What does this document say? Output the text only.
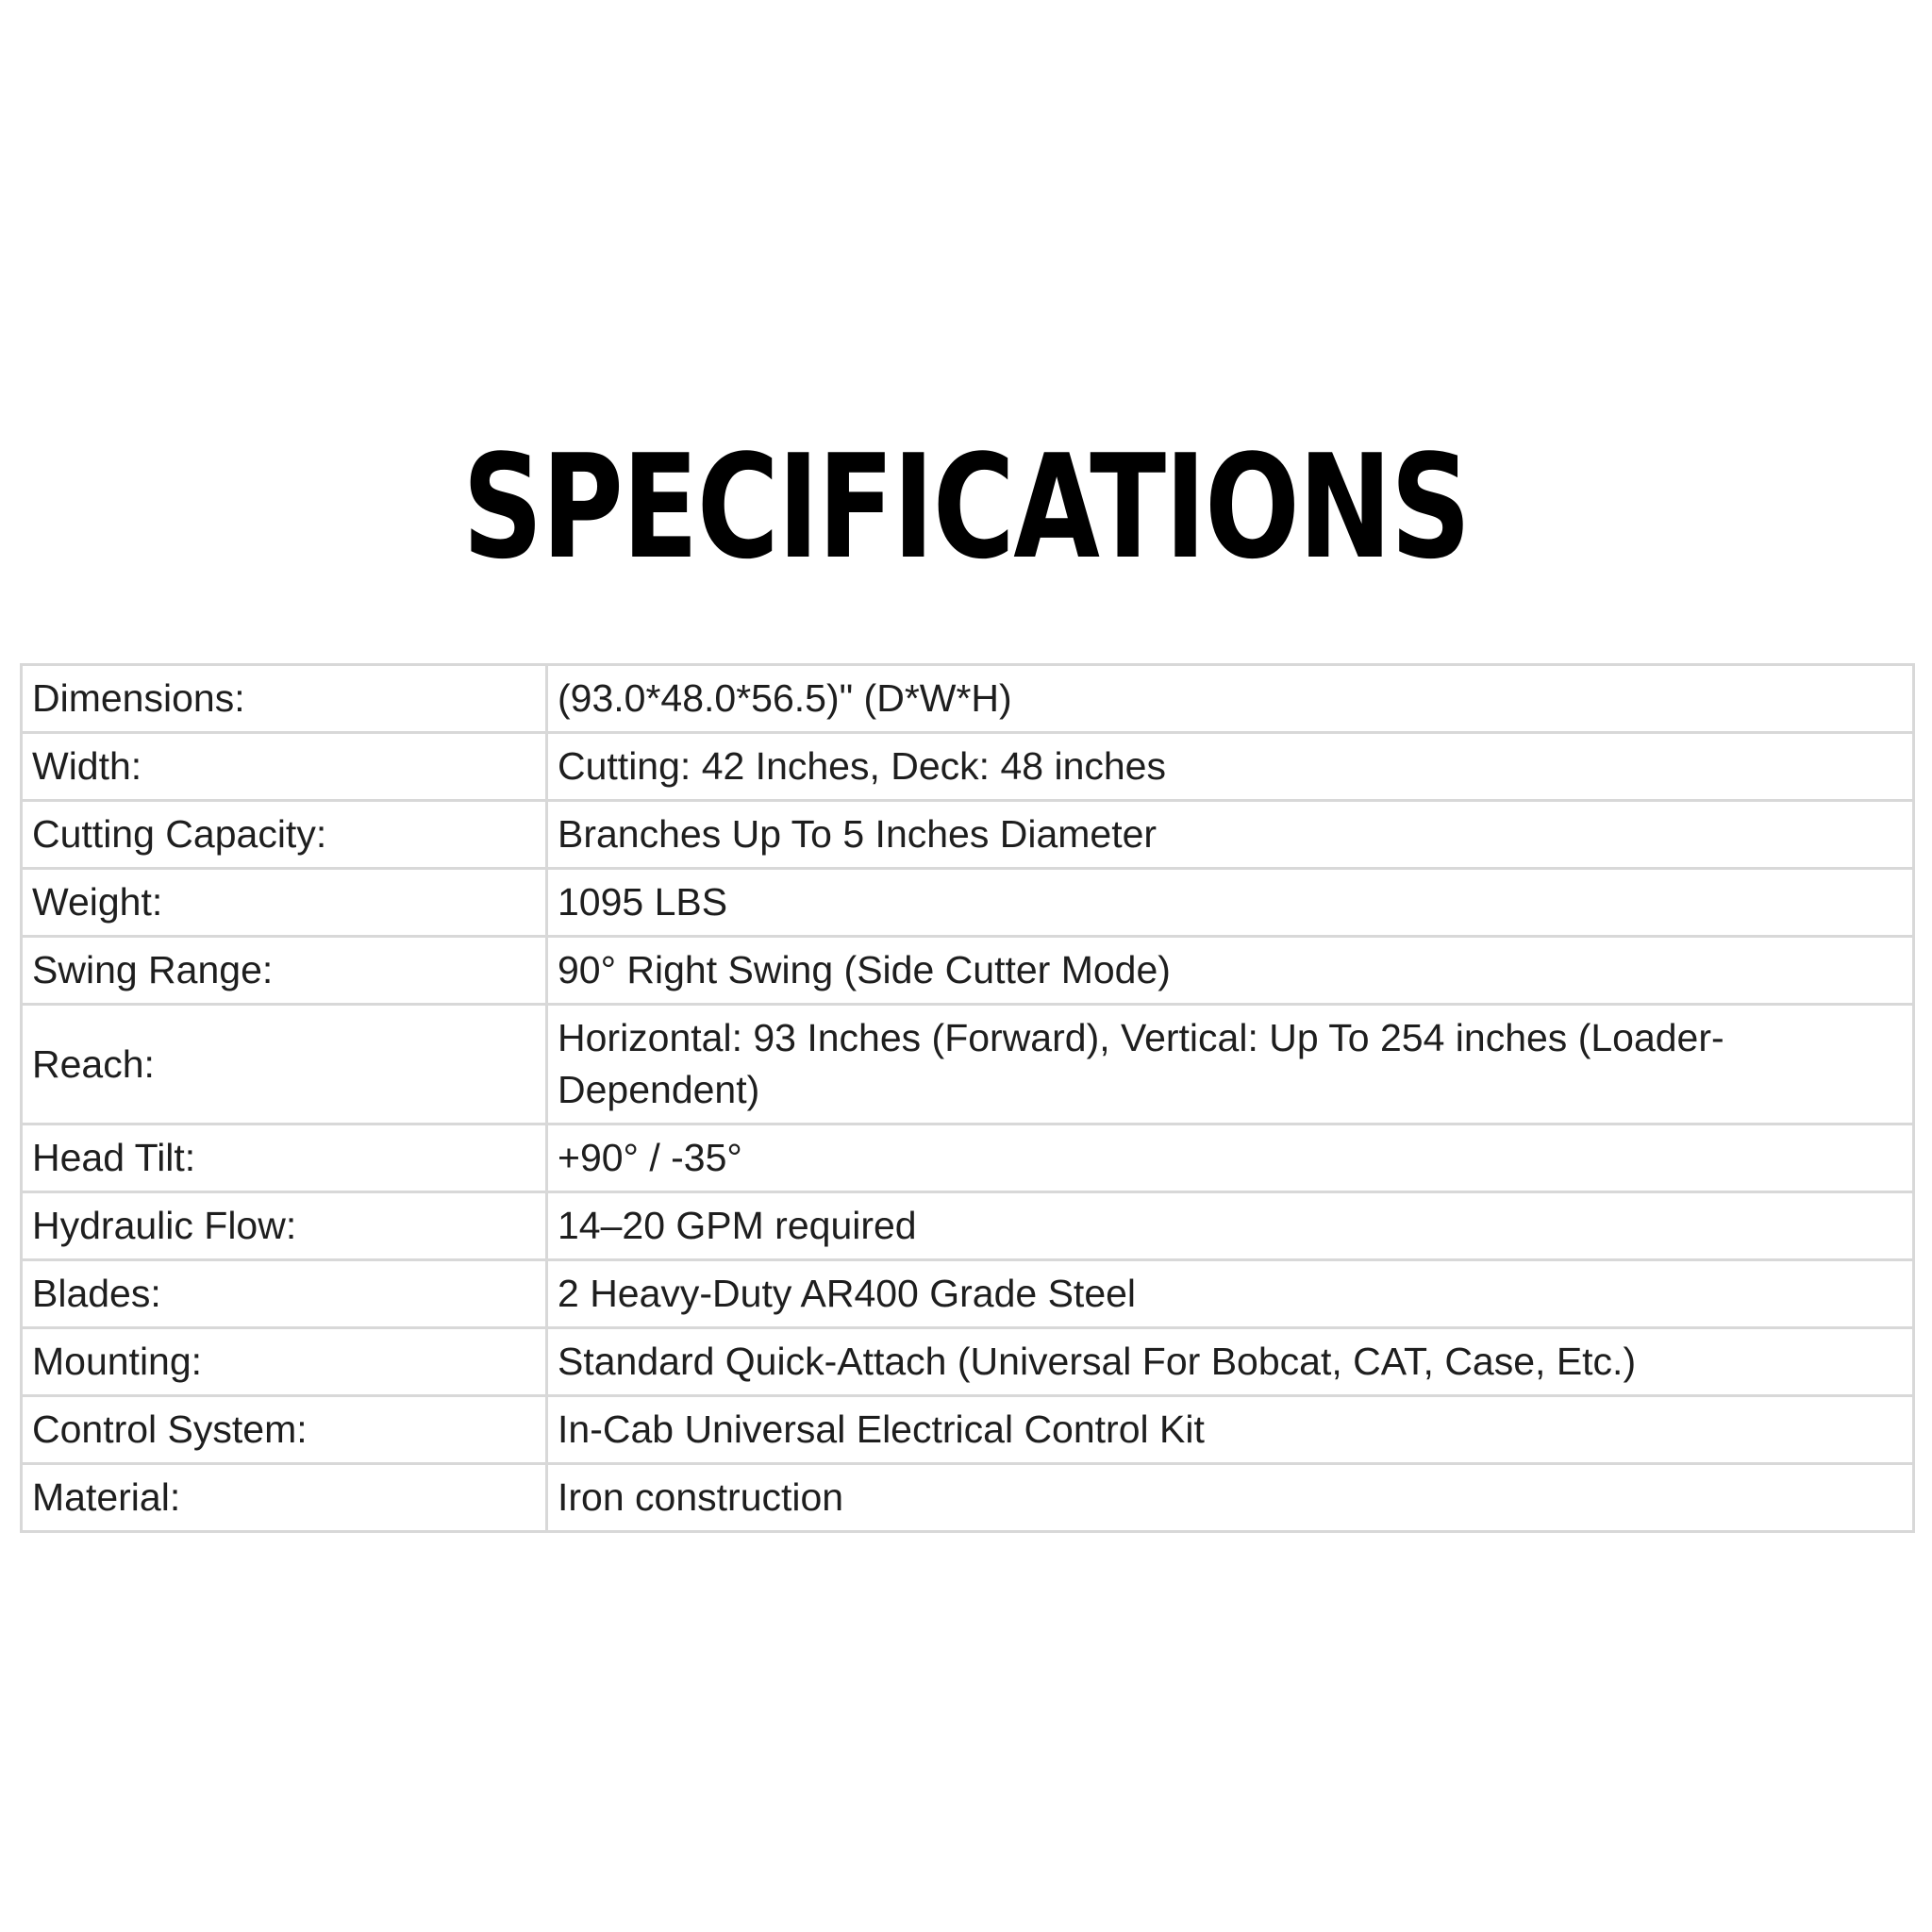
SPECIFICATIONS
Dimensions:	(93.0*48.0*56.5)" (D*W*H)
Width:	Cutting: 42 Inches, Deck: 48 inches
Cutting Capacity:	Branches Up To 5 Inches Diameter
Weight:	1095 LBS
Swing Range:	90° Right Swing (Side Cutter Mode)
Reach:	Horizontal: 93 Inches (Forward), Vertical: Up To 254 inches (Loader-Dependent)
Head Tilt:	+90° / -35°
Hydraulic Flow:	14–20 GPM required
Blades:	2 Heavy-Duty AR400 Grade Steel
Mounting:	Standard Quick-Attach (Universal For Bobcat, CAT, Case, Etc.)
Control System:	In-Cab Universal Electrical Control Kit
Material:	Iron construction
